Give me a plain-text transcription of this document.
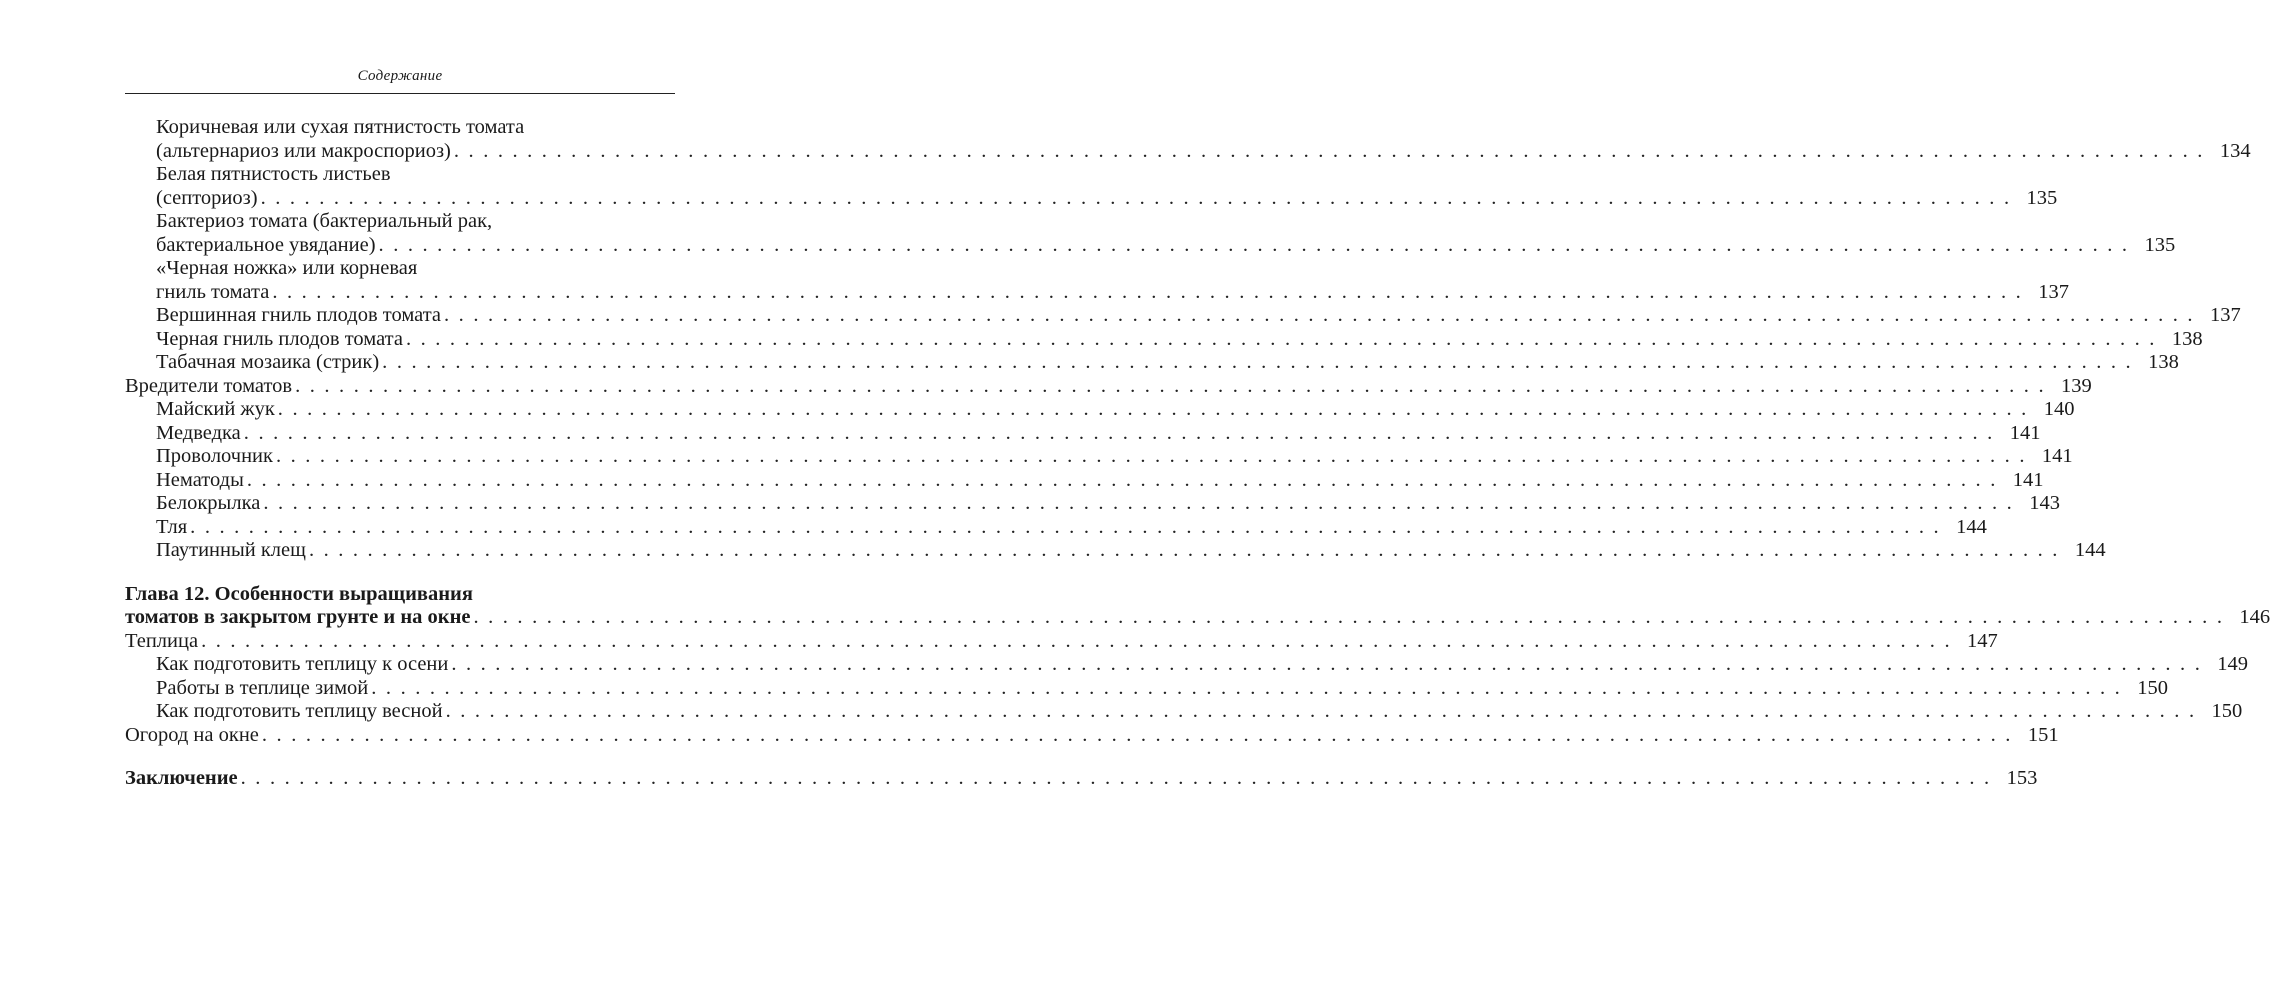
Содержание
Коричневая или сухая пятнистость томата
(альтернариоз или макроспориоз) . . . . . . . . . . . . . . . . . . . . . . . . . . . . . . . . . . . . . . . . . . . . . . . . . . . . . . . . . . . . . . . . . . . . . . . . . . . . . . . . . . . . . . . . . . . . . . . . . . . . . . . . . . . . . . . . . . . . . . . . 134
Белая пятнистость листьев
(септориоз) . . . . . . . . . . . . . . . . . . . . . . . . . . . . . . . . . . . . . . . . . . . . . . . . . . . . . . . . . . . . . . . . . . . . . . . . . . . . . . . . . . . . . . . . . . . . . . . . . . . . . . . . . . . . . . . . . . . . . . . . 135
Бактериоз томата (бактериальный рак,
бактериальное увядание) . . . . . . . . . . . . . . . . . . . . . . . . . . . . . . . . . . . . . . . . . . . . . . . . . . . . . . . . . . . . . . . . . . . . . . . . . . . . . . . . . . . . . . . . . . . . . . . . . . . . . . . . . . . . . . . . . . . . . . . . 135
«Черная ножка» или корневая
гниль томата . . . . . . . . . . . . . . . . . . . . . . . . . . . . . . . . . . . . . . . . . . . . . . . . . . . . . . . . . . . . . . . . . . . . . . . . . . . . . . . . . . . . . . . . . . . . . . . . . . . . . . . . . . . . . . . . . . . . . . . . 137
Вершинная гниль плодов томата . . . . . . . . . . . . . . . . . . . . . . . . . . . . . . . . . . . . . . . . . . . . . . . . . . . . . . . . . . . . . . . . . . . . . . . . . . . . . . . . . . . . . . . . . . . . . . . . . . . . . . . . . . . . . . . . . . . . . . . . 137
Черная гниль плодов томата . . . . . . . . . . . . . . . . . . . . . . . . . . . . . . . . . . . . . . . . . . . . . . . . . . . . . . . . . . . . . . . . . . . . . . . . . . . . . . . . . . . . . . . . . . . . . . . . . . . . . . . . . . . . . . . . . . . . . . . . 138
Табачная мозаика (стрик) . . . . . . . . . . . . . . . . . . . . . . . . . . . . . . . . . . . . . . . . . . . . . . . . . . . . . . . . . . . . . . . . . . . . . . . . . . . . . . . . . . . . . . . . . . . . . . . . . . . . . . . . . . . . . . . . . . . . . . . . 138
Вредители томатов . . . . . . . . . . . . . . . . . . . . . . . . . . . . . . . . . . . . . . . . . . . . . . . . . . . . . . . . . . . . . . . . . . . . . . . . . . . . . . . . . . . . . . . . . . . . . . . . . . . . . . . . . . . . . . . . . . . . . . . . 139
Майский жук . . . . . . . . . . . . . . . . . . . . . . . . . . . . . . . . . . . . . . . . . . . . . . . . . . . . . . . . . . . . . . . . . . . . . . . . . . . . . . . . . . . . . . . . . . . . . . . . . . . . . . . . . . . . . . . . . . . . . . . . 140
Медведка . . . . . . . . . . . . . . . . . . . . . . . . . . . . . . . . . . . . . . . . . . . . . . . . . . . . . . . . . . . . . . . . . . . . . . . . . . . . . . . . . . . . . . . . . . . . . . . . . . . . . . . . . . . . . . . . . . . . . . . . 141
Проволочник . . . . . . . . . . . . . . . . . . . . . . . . . . . . . . . . . . . . . . . . . . . . . . . . . . . . . . . . . . . . . . . . . . . . . . . . . . . . . . . . . . . . . . . . . . . . . . . . . . . . . . . . . . . . . . . . . . . . . . . . 141
Нематоды . . . . . . . . . . . . . . . . . . . . . . . . . . . . . . . . . . . . . . . . . . . . . . . . . . . . . . . . . . . . . . . . . . . . . . . . . . . . . . . . . . . . . . . . . . . . . . . . . . . . . . . . . . . . . . . . . . . . . . . . 141
Белокрылка . . . . . . . . . . . . . . . . . . . . . . . . . . . . . . . . . . . . . . . . . . . . . . . . . . . . . . . . . . . . . . . . . . . . . . . . . . . . . . . . . . . . . . . . . . . . . . . . . . . . . . . . . . . . . . . . . . . . . . . . 143
Тля . . . . . . . . . . . . . . . . . . . . . . . . . . . . . . . . . . . . . . . . . . . . . . . . . . . . . . . . . . . . . . . . . . . . . . . . . . . . . . . . . . . . . . . . . . . . . . . . . . . . . . . . . . . . . . . . . . . . . . . . 144
Паутинный клещ . . . . . . . . . . . . . . . . . . . . . . . . . . . . . . . . . . . . . . . . . . . . . . . . . . . . . . . . . . . . . . . . . . . . . . . . . . . . . . . . . . . . . . . . . . . . . . . . . . . . . . . . . . . . . . . . . . . . . . . . 144
Глава 12. Особенности выращивания
томатов в закрытом грунте и на окне . . . . . . . . . . . . . . . . . . . . . . . . . . . . . . . . . . . . . . . . . . . . . . . . . . . . . . . . . . . . . . . . . . . . . . . . . . . . . . . . . . . . . . . . . . . . . . . . . . . . . . . . . . . . . . . . . . . . . . . . 146
Теплица . . . . . . . . . . . . . . . . . . . . . . . . . . . . . . . . . . . . . . . . . . . . . . . . . . . . . . . . . . . . . . . . . . . . . . . . . . . . . . . . . . . . . . . . . . . . . . . . . . . . . . . . . . . . . . . . . . . . . . . . 147
Как подготовить теплицу к осени . . . . . . . . . . . . . . . . . . . . . . . . . . . . . . . . . . . . . . . . . . . . . . . . . . . . . . . . . . . . . . . . . . . . . . . . . . . . . . . . . . . . . . . . . . . . . . . . . . . . . . . . . . . . . . . . . . . . . . . . 149
Работы в теплице зимой . . . . . . . . . . . . . . . . . . . . . . . . . . . . . . . . . . . . . . . . . . . . . . . . . . . . . . . . . . . . . . . . . . . . . . . . . . . . . . . . . . . . . . . . . . . . . . . . . . . . . . . . . . . . . . . . . . . . . . . . 150
Как подготовить теплицу весной . . . . . . . . . . . . . . . . . . . . . . . . . . . . . . . . . . . . . . . . . . . . . . . . . . . . . . . . . . . . . . . . . . . . . . . . . . . . . . . . . . . . . . . . . . . . . . . . . . . . . . . . . . . . . . . . . . . . . . . . 150
Огород на окне . . . . . . . . . . . . . . . . . . . . . . . . . . . . . . . . . . . . . . . . . . . . . . . . . . . . . . . . . . . . . . . . . . . . . . . . . . . . . . . . . . . . . . . . . . . . . . . . . . . . . . . . . . . . . . . . . . . . . . . . 151
Заключение . . . . . . . . . . . . . . . . . . . . . . . . . . . . . . . . . . . . . . . . . . . . . . . . . . . . . . . . . . . . . . . . . . . . . . . . . . . . . . . . . . . . . . . . . . . . . . . . . . . . . . . . . . . . . . . . . . . . . . . . 153
